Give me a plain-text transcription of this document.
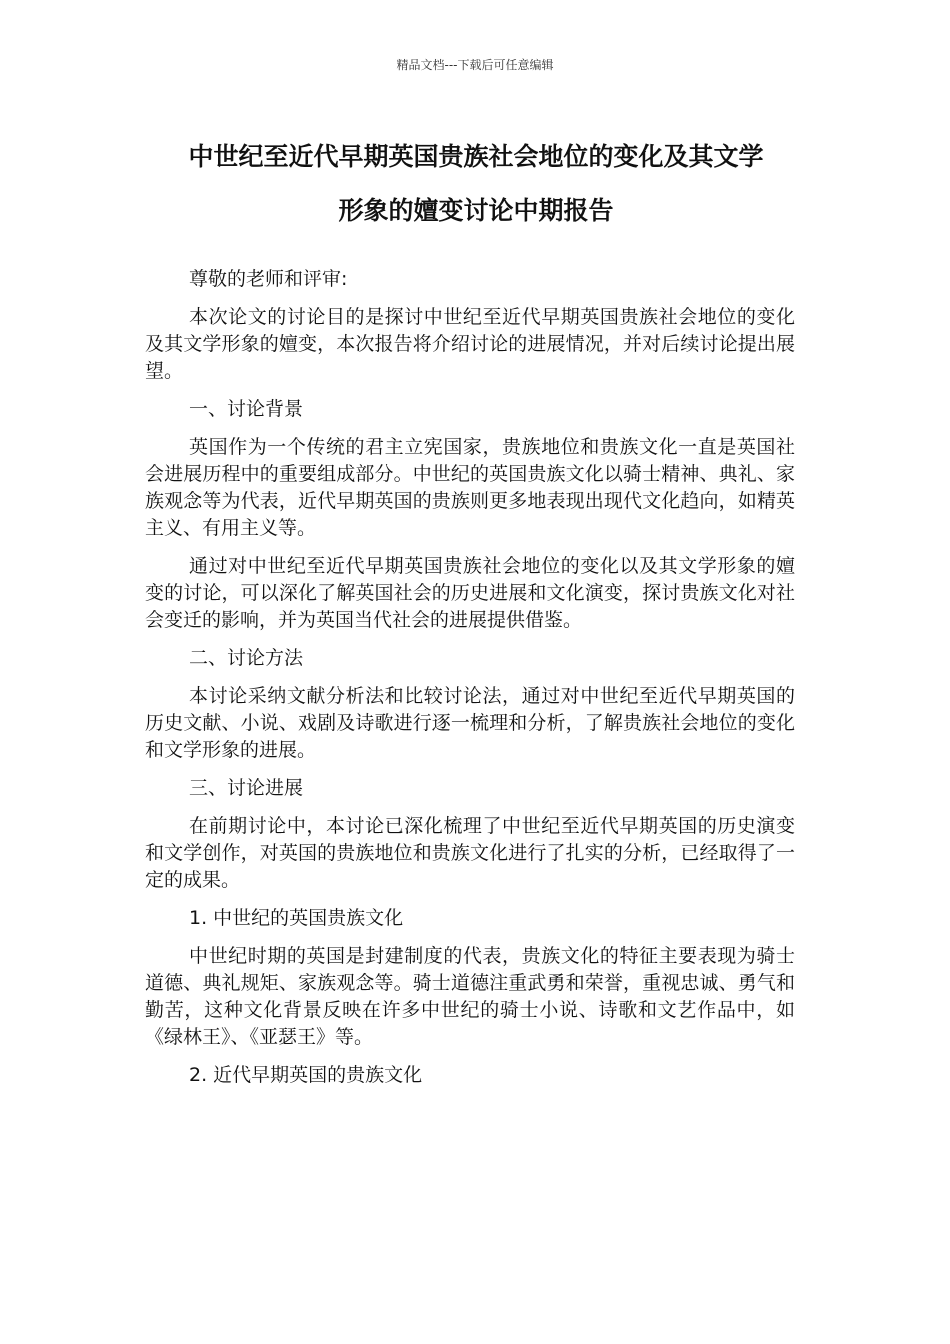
精品文档---下载后可任意编辑
中世纪至近代早期英国贵族社会地位的变化及其文学
形象的嬗变讨论中期报告

尊敬的老师和评审:

本次论文的讨论目的是探讨中世纪至近代早期英国贵族社会地位的变化及其文学形象的嬗变，本次报告将介绍讨论的进展情况，并对后续讨论提出展望。

一、讨论背景

英国作为一个传统的君主立宪国家，贵族地位和贵族文化一直是英国社会进展历程中的重要组成部分。中世纪的英国贵族文化以骑士精神、典礼、家族观念等为代表，近代早期英国的贵族则更多地表现出现代文化趋向，如精英主义、有用主义等。

通过对中世纪至近代早期英国贵族社会地位的变化以及其文学形象的嬗变的讨论，可以深化了解英国社会的历史进展和文化演变，探讨贵族文化对社会变迁的影响，并为英国当代社会的进展提供借鉴。

二、讨论方法

本讨论采纳文献分析法和比较讨论法，通过对中世纪至近代早期英国的历史文献、小说、戏剧及诗歌进行逐一梳理和分析，了解贵族社会地位的变化和文学形象的进展。

三、讨论进展

在前期讨论中，本讨论已深化梳理了中世纪至近代早期英国的历史演变和文学创作，对英国的贵族地位和贵族文化进行了扎实的分析，已经取得了一定的成果。

1. 中世纪的英国贵族文化

中世纪时期的英国是封建制度的代表，贵族文化的特征主要表现为骑士道德、典礼规矩、家族观念等。骑士道德注重武勇和荣誉，重视忠诚、勇气和勤苦，这种文化背景反映在许多中世纪的骑士小说、诗歌和文艺作品中，如《绿林王》、《亚瑟王》等。

2. 近代早期英国的贵族文化
